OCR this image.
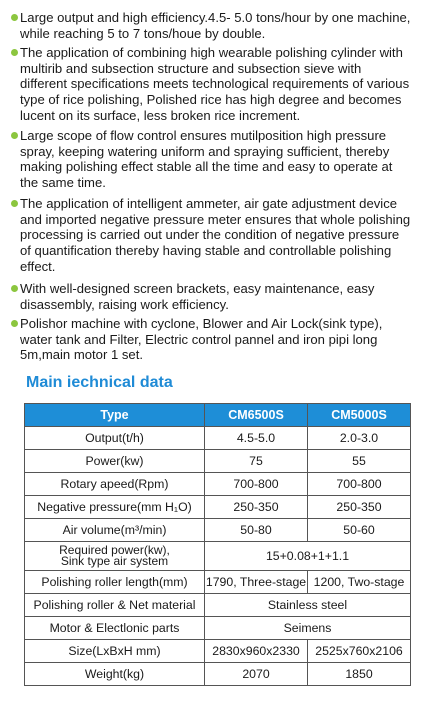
Large output and high efficiency.4.5- 5.0 tons/hour by one machine,
while reaching 5 to 7 tons/houe by double.
The application of combining high wearable polishing cylinder with
multirib and subsection structure and subsection sieve with
different specifications meets technological requirements of various
type of rice polishing, Polished rice has high degree and becomes
lucent on its surface, less broken rice increment.
Large scope of flow control ensures mutilposition high pressure
spray, keeping watering uniform and spraying sufficient, thereby
making polishing effect stable all the time and easy to operate at
the same time.
The application of intelligent ammeter, air gate adjustment device
and imported negative pressure meter ensures that whole polishing
processing is carried out under the condition of negative pressure
of quantification thereby having stable and controllable polishing
effect.
With well-designed screen brackets, easy maintenance, easy
disassembly, raising work efficiency.
Polishor machine with cyclone, Blower and Air Lock(sink type),
water tank and Filter, Electric control pannel and iron pipi long
5m,main motor 1 set.
Main iechnical data
Type	CM6500S	CM5000S
Output(t/h)	4.5-5.0	2.0-3.0
Power(kw)	75	55
Rotary apeed(Rpm)	700-800	700-800
Negative pressure(mm H₁O)	250-350	250-350
Air volume(m³/min)	50-80	50-60

Required power(kw),
Sink type air system	15+0.08+1+1.1	
Polishing roller length(mm)	1790, Three-stage	1200, Two-stage
Polishing roller & Net material	Stainless steel	
Motor & Electlonic parts	Seimens	
Size(LxBxH mm)	2830x960x2330	2525x760x2106
Weight(kg)	2070	1850
